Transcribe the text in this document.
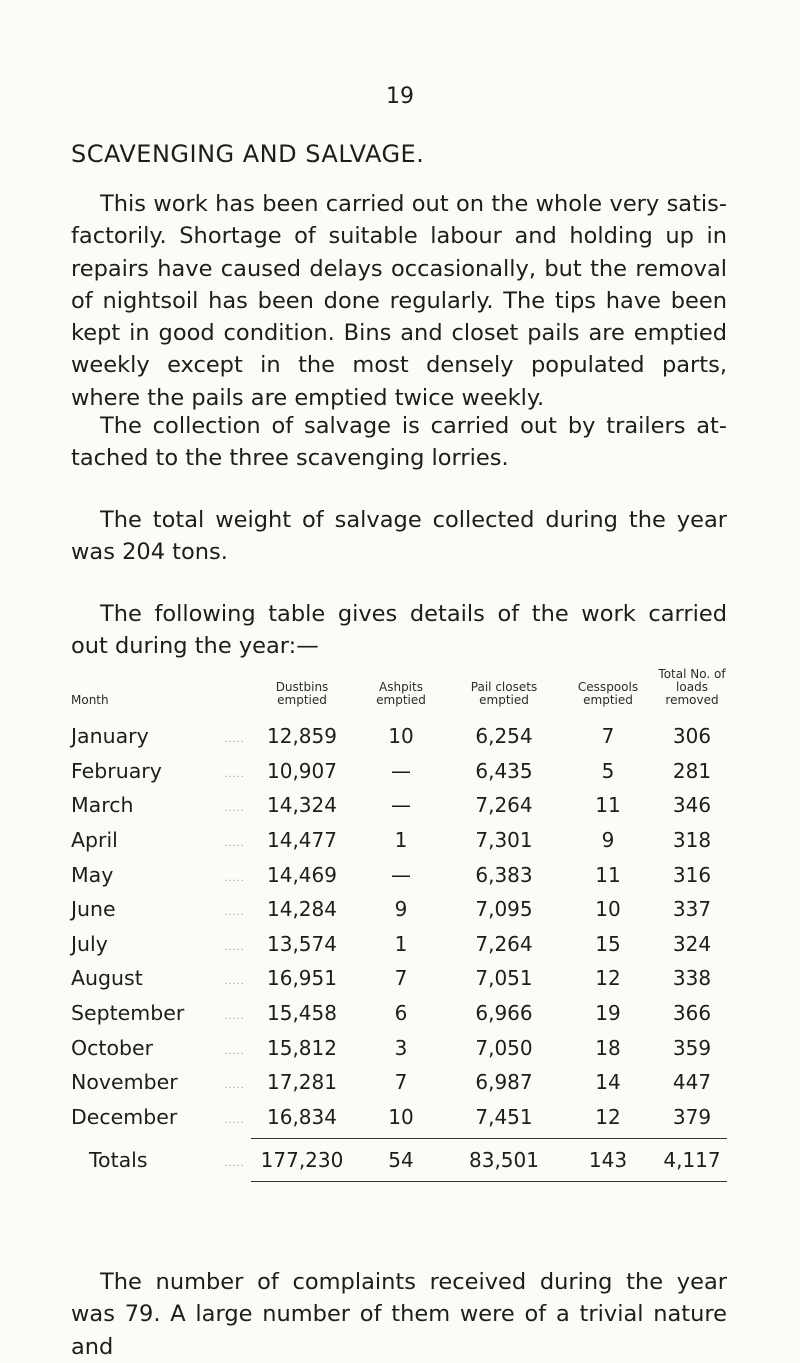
19
SCAVENGING AND SALVAGE.

This work has been carried out on the whole very satis- factorily. Shortage of suitable labour and holding up in repairs have caused delays occasionally, but the removal of nightsoil has been done regularly. The tips have been kept in good condition. Bins and closet pails are emptied weekly except in the most densely populated parts, where the pails are emptied twice weekly.

The collection of salvage is carried out by trailers at- tached to the three scavenging lorries.

The total weight of salvage collected during the year was 204 tons.

The following table gives details of the work carried out during the year:—

Month	Dustbins emptied	Ashpits emptied	Pail closets emptied	Cesspools emptied	Total No. of loads removed
January .....	12,859	10	6,254	7	306
February .....	10,907	—	6,435	5	281
March .....	14,324	—	7,264	11	346
April .....	14,477	1	7,301	9	318
May .....	14,469	—	6,383	11	316
June .....	14,284	9	7,095	10	337
July .....	13,574	1	7,264	15	324
August .....	16,951	7	7,051	12	338
September .....	15,458	6	6,966	19	366
October .....	15,812	3	7,050	18	359
November .....	17,281	7	6,987	14	447
December .....	16,834	10	7,451	12	379

Totals .....	177,230	54	83,501	143	4,117

The number of complaints received during the year was 79. A large number of them were of a trivial nature and
